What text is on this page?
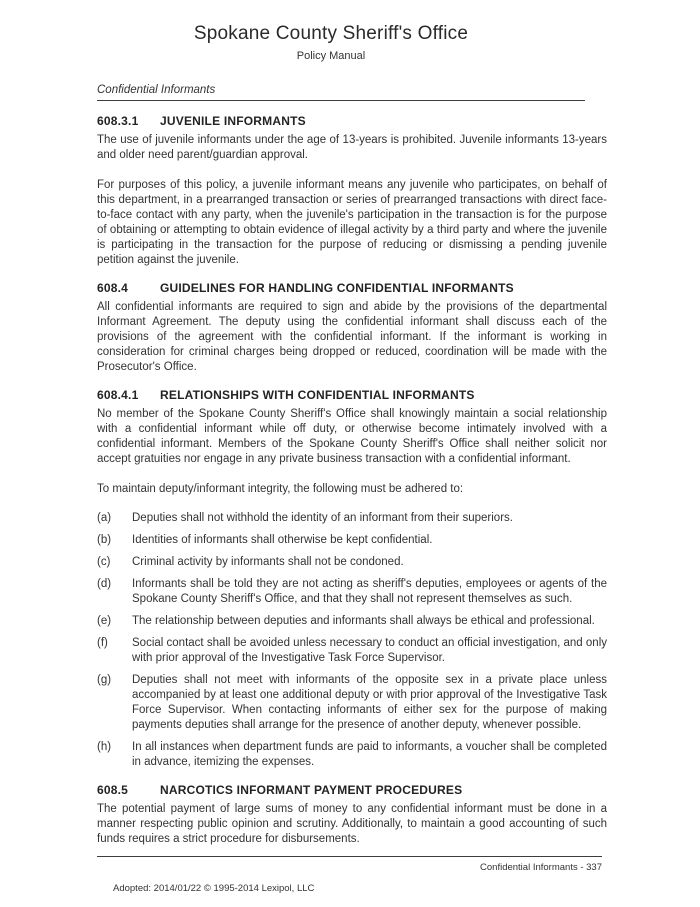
Spokane County Sheriff's Office
Policy Manual
Confidential Informants
608.3.1 JUVENILE INFORMANTS

The use of juvenile informants under the age of 13-years is prohibited. Juvenile informants 13-years and older need parent/guardian approval.

For purposes of this policy, a juvenile informant means any juvenile who participates, on behalf of this department, in a prearranged transaction or series of prearranged transactions with direct face-to-face contact with any party, when the juvenile's participation in the transaction is for the purpose of obtaining or attempting to obtain evidence of illegal activity by a third party and where the juvenile is participating in the transaction for the purpose of reducing or dismissing a pending juvenile petition against the juvenile.

608.4	GUIDELINES FOR HANDLING CONFIDENTIAL INFORMANTS

All confidential informants are required to sign and abide by the provisions of the departmental Informant Agreement. The deputy using the confidential informant shall discuss each of the provisions of the agreement with the confidential informant. If the informant is working in consideration for criminal charges being dropped or reduced, coordination will be made with the Prosecutor's Office.

608.4.1 RELATIONSHIPS WITH CONFIDENTIAL INFORMANTS

No member of the Spokane County Sheriff's Office shall knowingly maintain a social relationship with a confidential informant while off duty, or otherwise become intimately involved with a confidential informant. Members of the Spokane County Sheriff's Office shall neither solicit nor accept gratuities nor engage in any private business transaction with a confidential informant.

To maintain deputy/informant integrity, the following must be adhered to:

(a) Deputies shall not withhold the identity of an informant from their superiors.
(b) Identities of informants shall otherwise be kept confidential.
(c) Criminal activity by informants shall not be condoned.
(d) Informants shall be told they are not acting as sheriff's deputies, employees or agents of the Spokane County Sheriff's Office, and that they shall not represent themselves as such.
(e) The relationship between deputies and informants shall always be ethical and professional.
(f) Social contact shall be avoided unless necessary to conduct an official investigation, and only with prior approval of the Investigative Task Force Supervisor.
(g) Deputies shall not meet with informants of the opposite sex in a private place unless accompanied by at least one additional deputy or with prior approval of the Investigative Task Force Supervisor. When contacting informants of either sex for the purpose of making payments deputies shall arrange for the presence of another deputy, whenever possible.
(h) In all instances when department funds are paid to informants, a voucher shall be completed in advance, itemizing the expenses.
608.5	NARCOTICS INFORMANT PAYMENT PROCEDURES

The potential payment of large sums of money to any confidential informant must be done in a manner respecting public opinion and scrutiny. Additionally, to maintain a good accounting of such funds requires a strict procedure for disbursements.

Confidential Informants - 337
Adopted: 2014/01/22 © 1995-2014 Lexipol, LLC
